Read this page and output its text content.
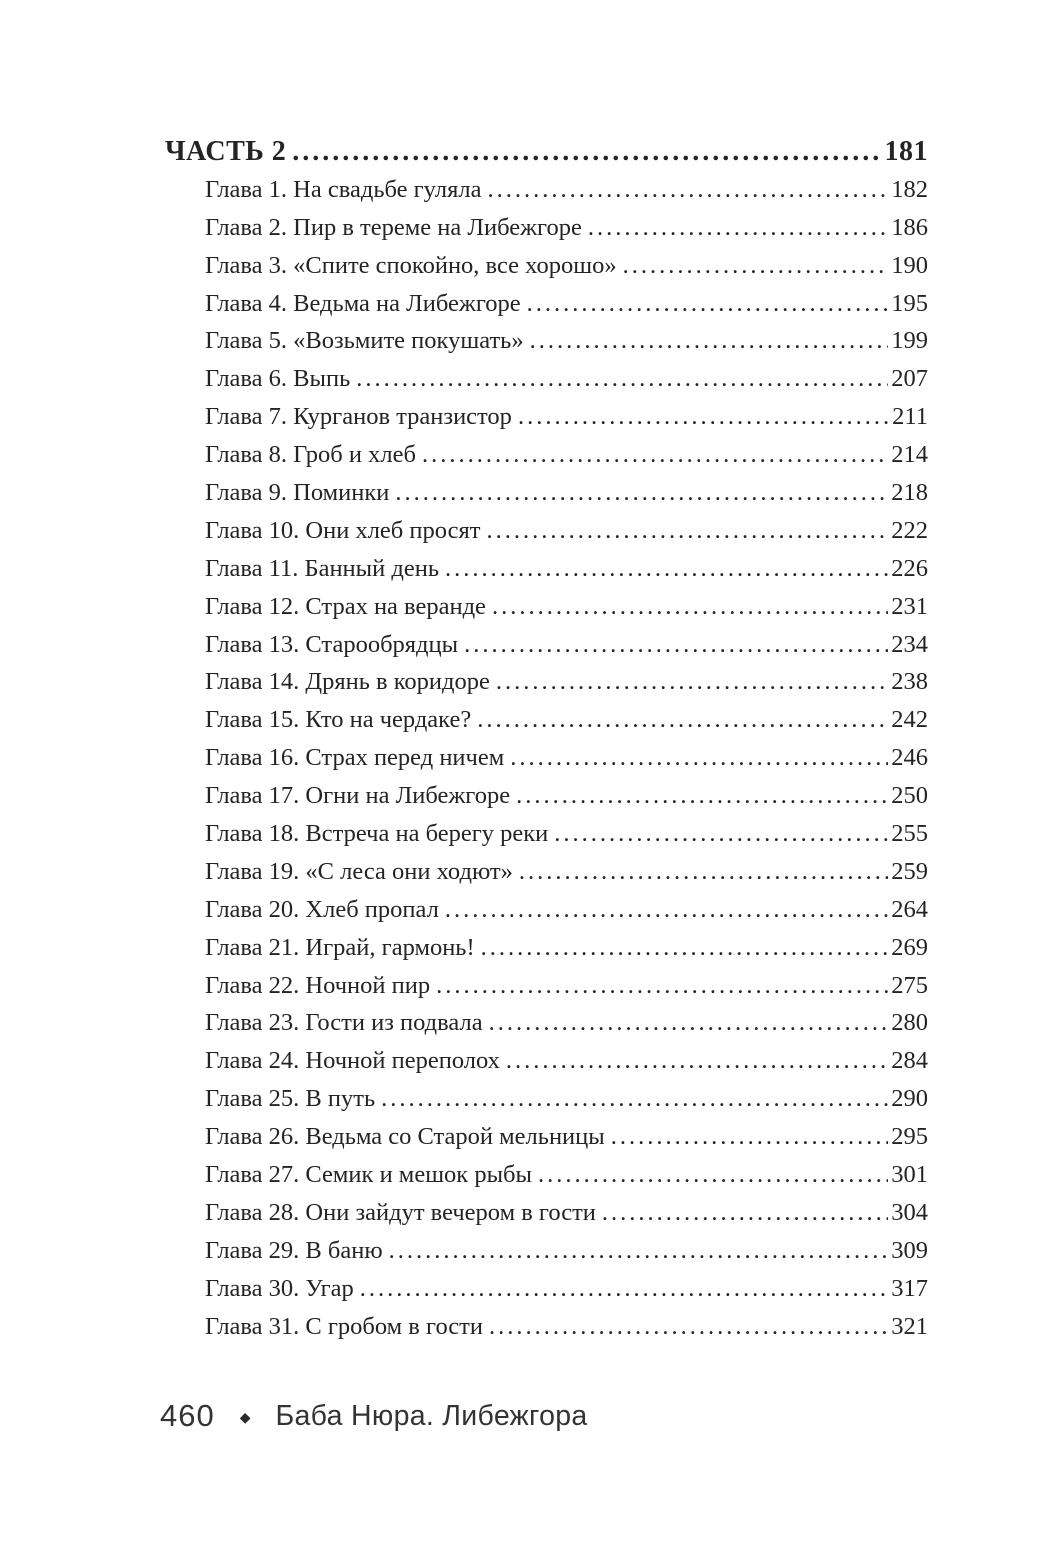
ЧАСТЬ 2 .....	181
Глава 1. На свадьбе гуляла .....	182
Глава 2. Пир в тереме на Либежгоре .....	186
Глава 3. «Спите спокойно, все хорошо» .....	190
Глава 4. Ведьма на Либежгоре .....	195
Глава 5. «Возьмите покушать» .....	199
Глава 6. Выпь .....	207
Глава 7. Курганов транзистор .....	211
Глава 8. Гроб и хлеб .....	214
Глава 9. Поминки .....	218
Глава 10. Они хлеб просят .....	222
Глава 11. Банный день .....	226
Глава 12. Страх на веранде .....	231
Глава 13. Старообрядцы .....	234
Глава 14. Дрянь в коридоре .....	238
Глава 15. Кто на чердаке? .....	242
Глава 16. Страх перед ничем .....	246
Глава 17. Огни на Либежгоре .....	250
Глава 18. Встреча на берегу реки .....	255
Глава 19. «С леса они ходют» .....	259
Глава 20. Хлеб пропал .....	264
Глава 21. Играй, гармонь! .....	269
Глава 22. Ночной пир .....	275
Глава 23. Гости из подвала .....	280
Глава 24. Ночной переполох .....	284
Глава 25. В путь .....	290
Глава 26. Ведьма со Старой мельницы .....	295
Глава 27. Семик и мешок рыбы .....	301
Глава 28. Они зайдут вечером в гости .....	304
Глава 29. В баню .....	309
Глава 30. Угар .....	317
Глава 31. С гробом в гости .....	321
460 ◆ Баба Нюра. Либежгора
